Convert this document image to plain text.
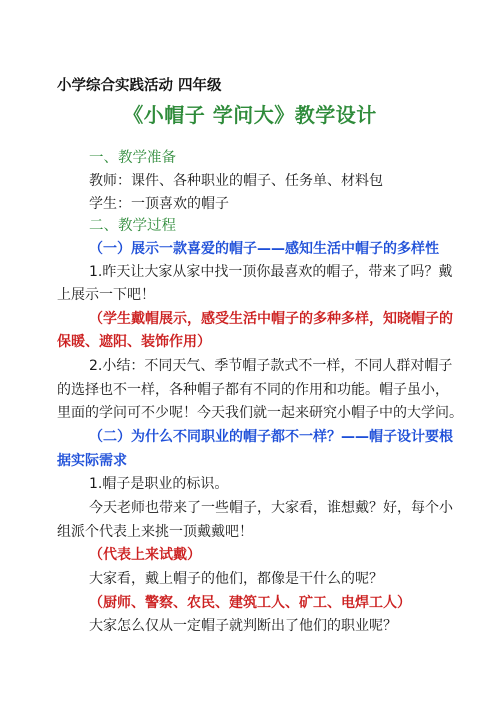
小学综合实践活动 四年级
《小帽子 学问大》教学设计
一、教学准备
教师：课件、各种职业的帽子、任务单、材料包
学生：一顶喜欢的帽子
二、教学过程
（一）展示一款喜爱的帽子——感知生活中帽子的多样性
1.昨天让大家从家中找一顶你最喜欢的帽子，带来了吗？戴
上展示一下吧！
（学生戴帽展示，感受生活中帽子的多种多样，知晓帽子的
保暖、遮阳、装饰作用）
2.小结：不同天气、季节帽子款式不一样，不同人群对帽子
的选择也不一样，各种帽子都有不同的作用和功能。帽子虽小，
里面的学问可不少呢！今天我们就一起来研究小帽子中的大学问。
（二）为什么不同职业的帽子都不一样？——帽子设计要根
据实际需求
1.帽子是职业的标识。
今天老师也带来了一些帽子，大家看，谁想戴？好，每个小
组派个代表上来挑一顶戴戴吧！
（代表上来试戴）
大家看，戴上帽子的他们，都像是干什么的呢？
（厨师、警察、农民、建筑工人、矿工、电焊工人）
大家怎么仅从一定帽子就判断出了他们的职业呢？
